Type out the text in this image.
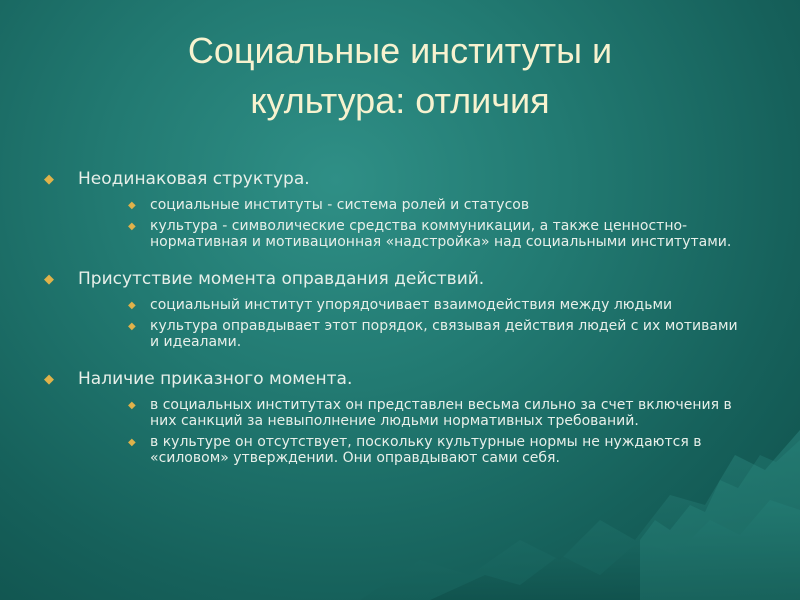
Социальные институты и
культура: отличия
◆ Неодинаковая структура.
◆ социальные институты - система ролей и статусов
◆ культура - символические средства коммуникации, а также ценностно-нормативная и мотивационная «надстройка» над социальными институтами.
◆ Присутствие момента оправдания действий.
◆ социальный институт упорядочивает взаимодействия между людьми
◆ культура оправдывает этот порядок, связывая действия людей с их мотивами и идеалами.
◆ Наличие приказного момента.
◆ в социальных институтах он представлен весьма сильно за счет включения в них санкций за невыполнение людьми нормативных требований.
◆ в культуре он отсутствует, поскольку культурные нормы не нуждаются в «силовом» утверждении. Они оправдывают сами себя.
